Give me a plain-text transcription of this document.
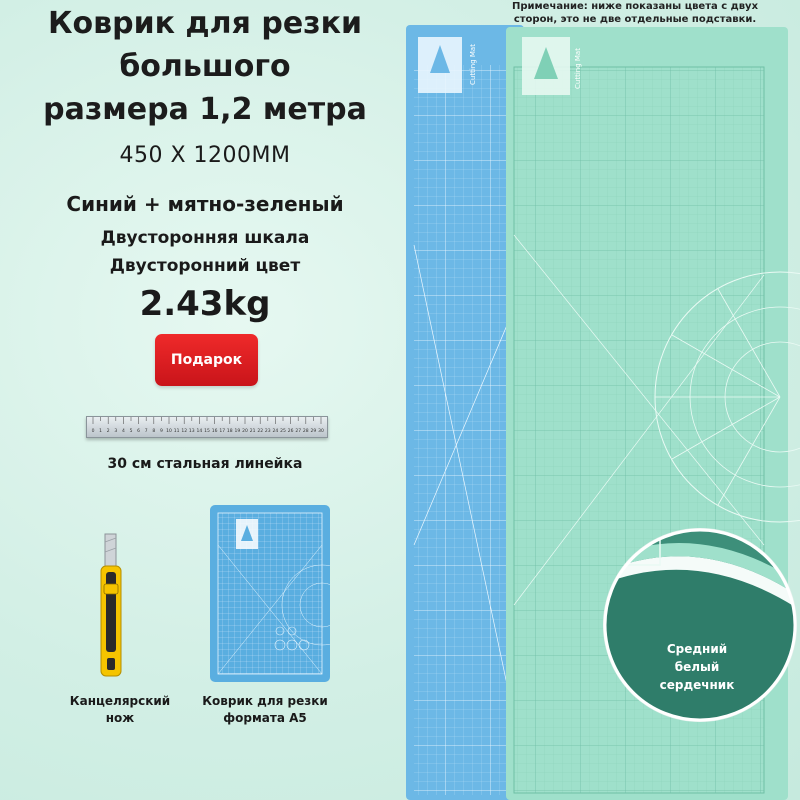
Коврик для резки
большого
размера 1,2 метра
450 X 1200MM
Синий + мятно-зеленый
Двусторонняя шкала
Двусторонний цвет
2.43kg
Подарок
0 1 2 3 4 5 6 7 8 9 10 11 12 13 14 15 16 17 18 19 20 21 22 23 24 25 26 27 28 29 30
30 см стальная линейка
Канцелярский
нож
Коврик для резки
формата А5
Примечание: ниже показаны цвета с двух
сторон, это не две отдельные подставки.
Cutting Mat	Cutting Mat
Средний
белый
сердечник
